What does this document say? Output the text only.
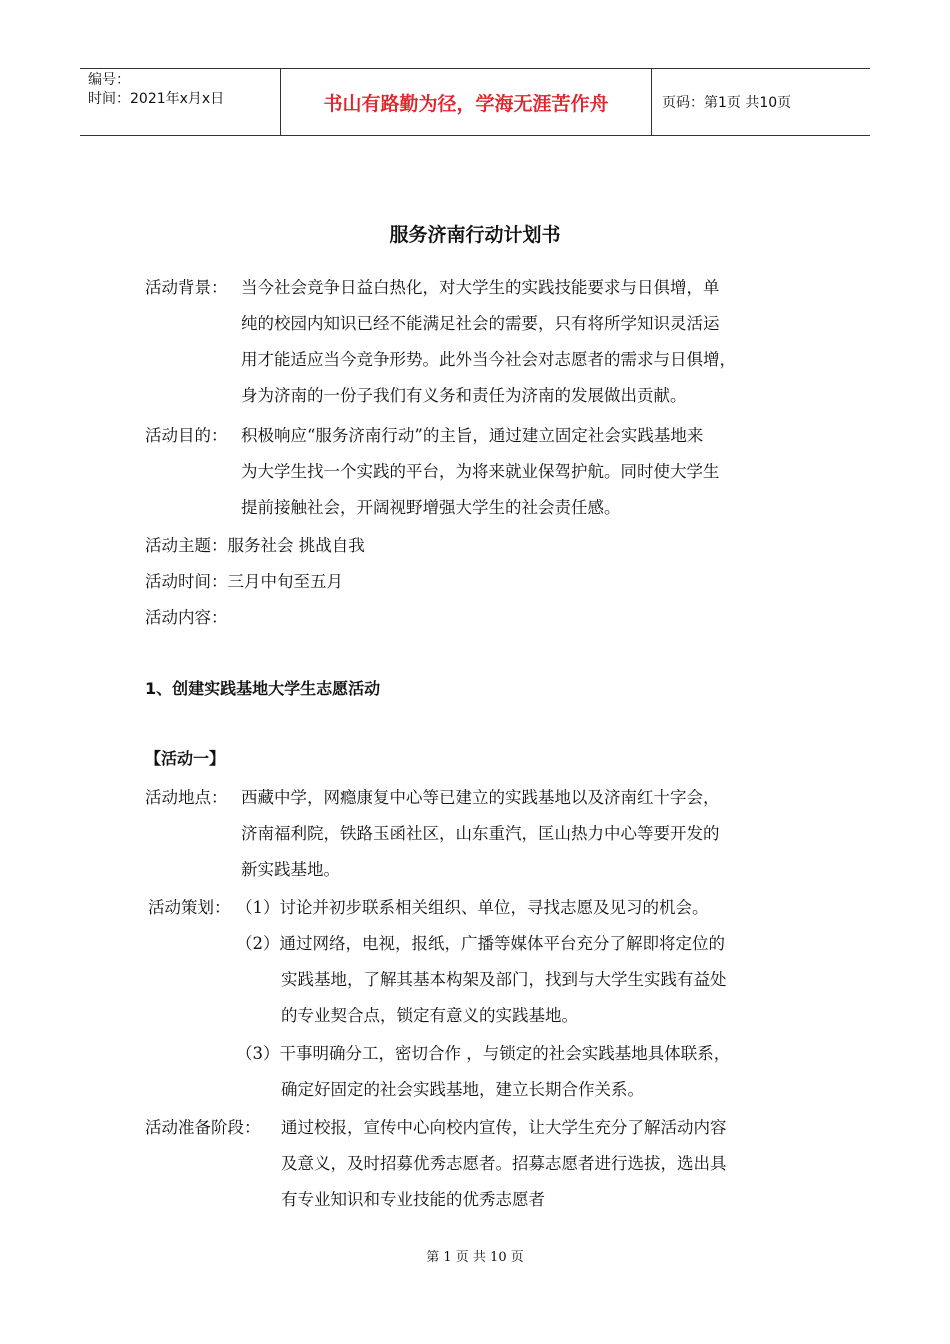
编号：
时间：2021年x月x日	书山有路勤为径，学海无涯苦作舟	页码：第1页 共10页
服务济南行动计划书
活动背景： 当今社会竞争日益白热化，对大学生的实践技能要求与日俱增，单
纯的校园内知识已经不能满足社会的需要，只有将所学知识灵活运
用才能适应当今竞争形势。此外当今社会对志愿者的需求与日俱增，
身为济南的一份子我们有义务和责任为济南的发展做出贡献。
活动目的： 积极响应“服务济南行动”的主旨，通过建立固定社会实践基地来
为大学生找一个实践的平台，为将来就业保驾护航。同时使大学生
提前接触社会，开阔视野增强大学生的社会责任感。
活动主题：服务社会 挑战自我
活动时间：三月中旬至五月
活动内容：
1、创建实践基地大学生志愿活动
【活动一】
活动地点： 西藏中学，网瘾康复中心等已建立的实践基地以及济南红十字会，
济南福利院，铁路玉函社区，山东重汽，匡山热力中心等要开发的
新实践基地。
活动策划： （1）讨论并初步联系相关组织、单位，寻找志愿及见习的机会。
（2）通过网络，电视，报纸，广播等媒体平台充分了解即将定位的
实践基地，了解其基本构架及部门，找到与大学生实践有益处
的专业契合点，锁定有意义的实践基地。
（3）干事明确分工，密切合作 ，与锁定的社会实践基地具体联系，
确定好固定的社会实践基地，建立长期合作关系。
活动准备阶段： 通过校报，宣传中心向校内宣传，让大学生充分了解活动内容
及意义，及时招募优秀志愿者。招募志愿者进行选拔，选出具
有专业知识和专业技能的优秀志愿者
第 1 页 共 10 页
